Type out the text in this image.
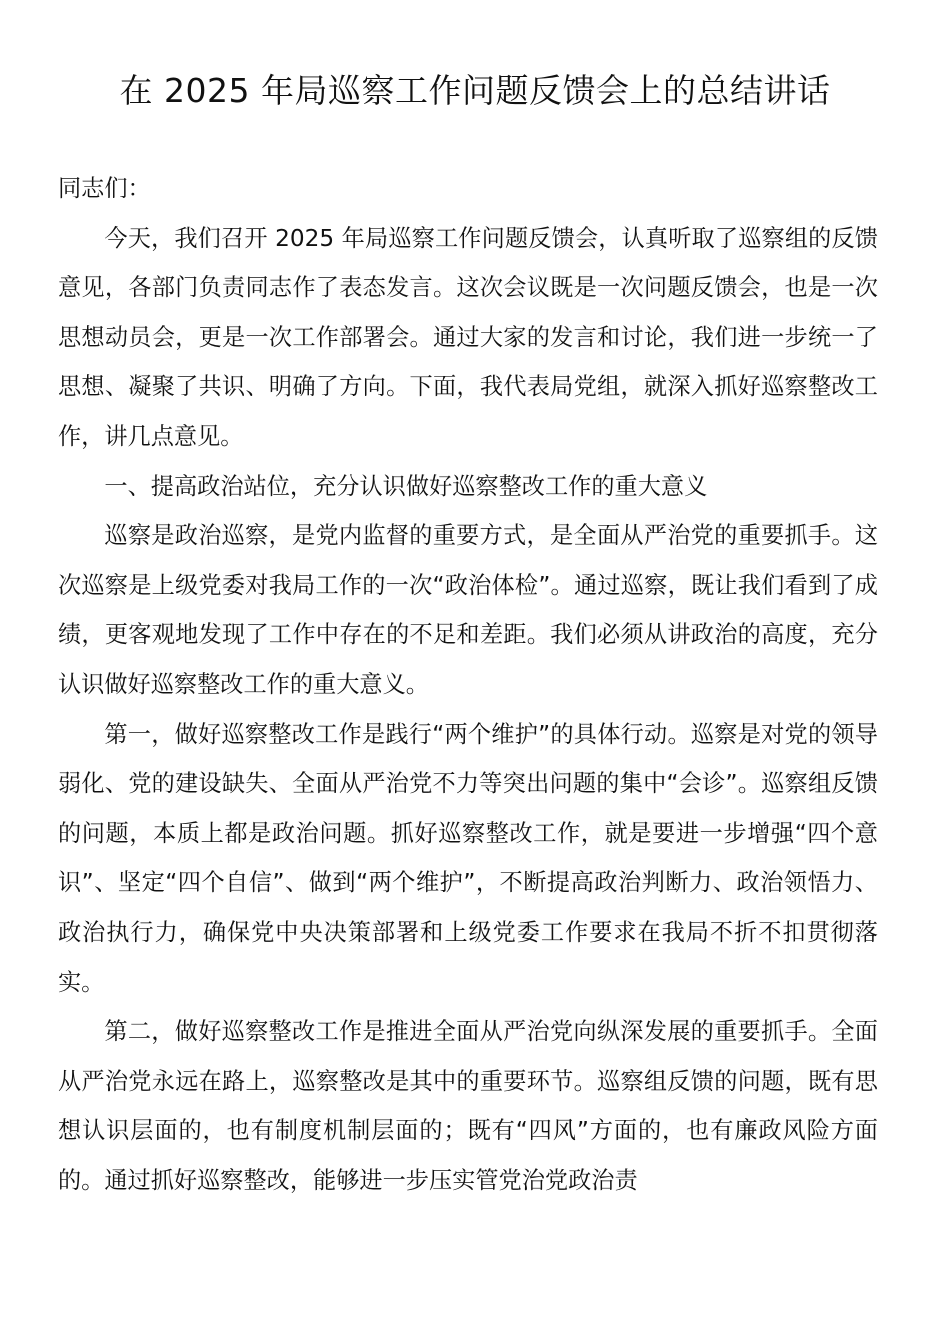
在 2025 年局巡察工作问题反馈会上的总结讲话

同志们：

今天，我们召开 2025 年局巡察工作问题反馈会，认真听取了巡察组的反馈意见，各部门负责同志作了表态发言。这次会议既是一次问题反馈会，也是一次思想动员会，更是一次工作部署会。通过大家的发言和讨论，我们进一步统一了思想、凝聚了共识、明确了方向。下面，我代表局党组，就深入抓好巡察整改工作，讲几点意见。

一、提高政治站位，充分认识做好巡察整改工作的重大意义

巡察是政治巡察，是党内监督的重要方式，是全面从严治党的重要抓手。这次巡察是上级党委对我局工作的一次“政治体检”。通过巡察，既让我们看到了成绩，更客观地发现了工作中存在的不足和差距。我们必须从讲政治的高度，充分认识做好巡察整改工作的重大意义。

第一，做好巡察整改工作是践行“两个维护”的具体行动。巡察是对党的领导弱化、党的建设缺失、全面从严治党不力等突出问题的集中“会诊”。巡察组反馈的问题，本质上都是政治问题。抓好巡察整改工作，就是要进一步增强“四个意识”、坚定“四个自信”、做到“两个维护”，不断提高政治判断力、政治领悟力、政治执行力，确保党中央决策部署和上级党委工作要求在我局不折不扣贯彻落实。

第二，做好巡察整改工作是推进全面从严治党向纵深发展的重要抓手。全面从严治党永远在路上，巡察整改是其中的重要环节。巡察组反馈的问题，既有思想认识层面的，也有制度机制层面的；既有“四风”方面的，也有廉政风险方面的。通过抓好巡察整改，能够进一步压实管党治党政治责
